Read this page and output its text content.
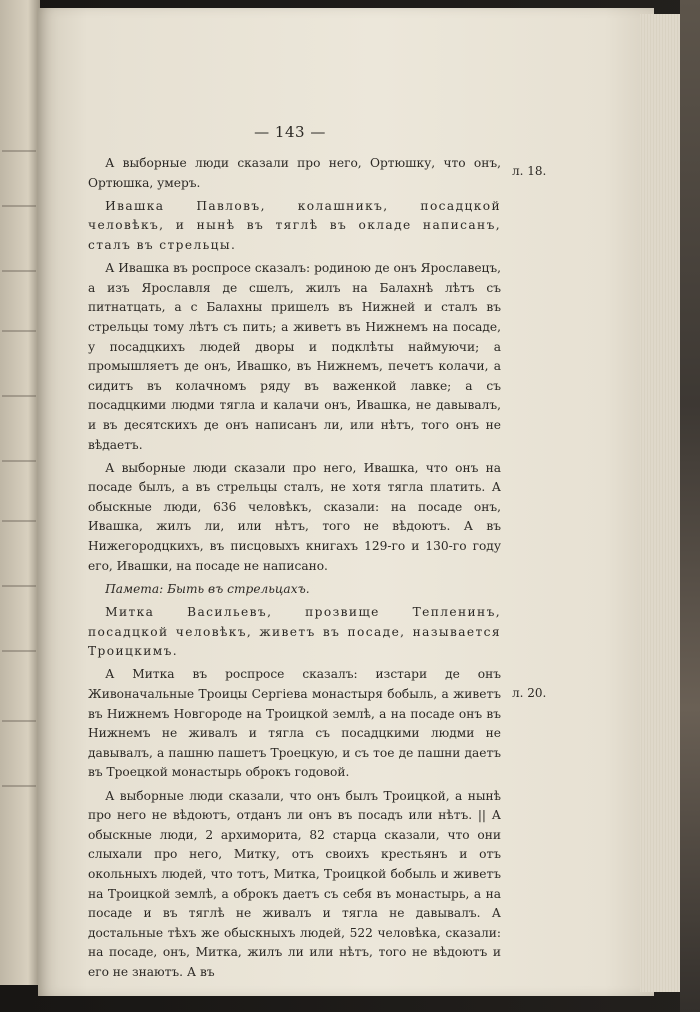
— 143 —
л. 18.
л. 20.

А выборные люди сказали про него, Ортюшку, что онъ, Ортюшка, умеръ.

Ивашка Павловъ, колашникъ, посадцкой человѣкъ, и нынѣ въ тяглѣ въ окладе написанъ, сталъ въ стрельцы.

А Ивашка въ роспросе сказалъ: родиною де онъ Ярославецъ, а изъ Ярославля де сшелъ, жилъ на Балахнѣ лѣтъ съ питнатцать, а с Балахны пришелъ въ Нижней и сталъ въ стрельцы тому лѣтъ съ пить; а живетъ въ Нижнемъ на посаде, у посадцкихъ людей дворы и подклѣты наймуючи; а промышляетъ де онъ, Ивашко, въ Нижнемъ, печетъ колачи, а сидитъ въ колачномъ ряду въ важенкой лавке; а съ посадцкими людми тягла и калачи онъ, Ивашка, не давывалъ, и въ десятскихъ де онъ написанъ ли, или нѣтъ, того онъ не вѣдаетъ.

А выборные люди сказали про него, Ивашка, что онъ на посаде былъ, а въ стрельцы сталъ, не хотя тягла платить. А обыскные люди, 636 человѣкъ, сказали: на посаде онъ, Ивашка, жилъ ли, или нѣтъ, того не вѣдоютъ. А въ Нижегородцкихъ, въ писцовыхъ книгахъ 129-го и 130-го году его, Ивашки, на посаде не написано.

Памета: Быть въ стрельцахъ.

Митка Васильевъ, прозвище Тепленинъ, посадцкой человѣкъ, живетъ въ посаде, называется Троицкимъ.

А Митка въ роспросе сказалъ: изстари де онъ Живоначальные Троицы Сергіева монастыря бобыль, а живетъ въ Нижнемъ Новгороде на Троицкой землѣ, а на посаде онъ въ Нижнемъ не живалъ и тягла съ посадцкими людми не давывалъ, а пашню пашетъ Троецкую, и съ тое де пашни даетъ въ Троецкой монастырь оброкъ годовой.

А выборные люди сказали, что онъ былъ Троицкой, а нынѣ про него не вѣдоютъ, отданъ ли онъ въ посадъ или нѣтъ. || А обыскные люди, 2 архиморита, 82 старца сказали, что они слыхали про него, Митку, отъ своихъ крестьянъ и отъ окольныхъ людей, что тотъ, Митка, Троицкой бобыль и живетъ на Троицкой землѣ, а оброкъ даетъ съ себя въ монастырь, а на посаде и въ тяглѣ не живалъ и тягла не давывалъ. А достальные тѣхъ же обыскныхъ людей, 522 человѣка, сказали: на посаде, онъ, Митка, жилъ ли или нѣтъ, того не вѣдоютъ и его не знаютъ. А въ
